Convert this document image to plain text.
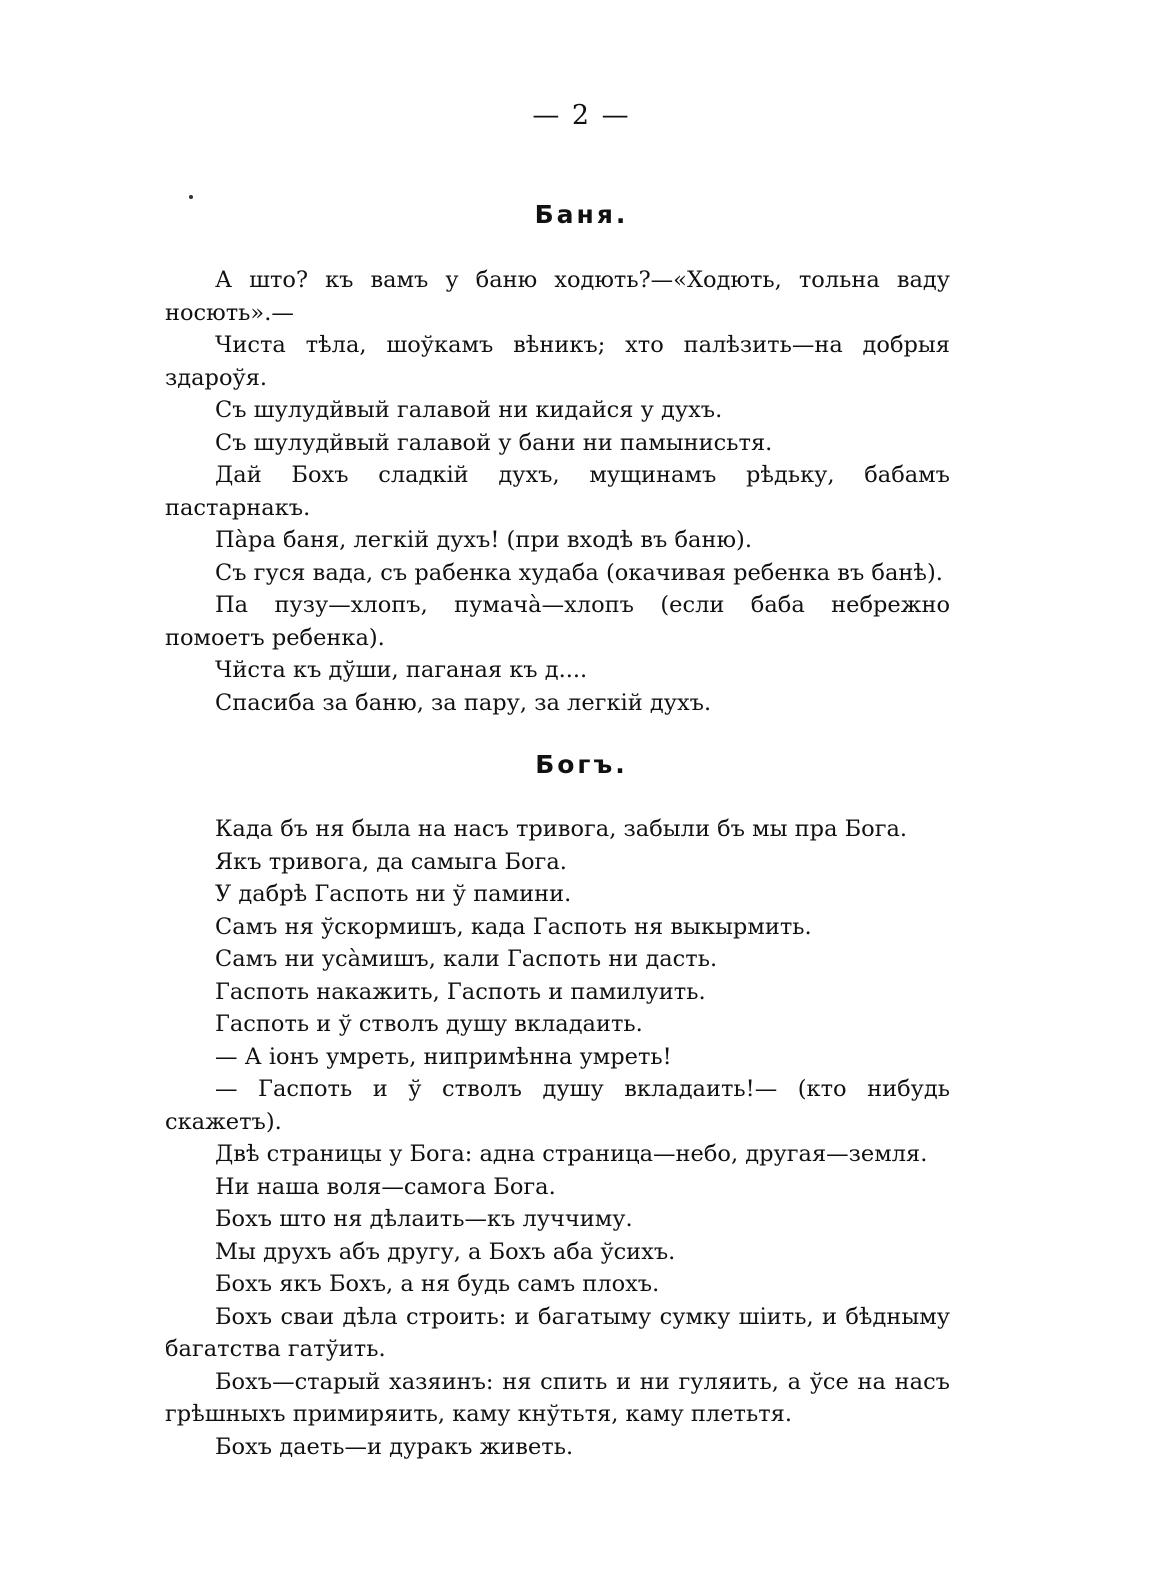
— 2 —
Баня.

А што? къ вамъ у баню ходють?—«Ходють, тольна ваду носють».—

Чиста тѣла, шоўкамъ вѣникъ; хто палѣзить—на добрыя здароўя.

Съ шулудйвый галавой ни кидайся у духъ.

Съ шулудйвый галавой у бани ни памынисьтя.

Дай Бохъ сладкій духъ, мущинамъ рѣдьку, бабамъ пастарнакъ.

Пàра баня, легкій духъ! (при входѣ въ баню).

Съ гуся вада, съ рабенка худаба (окачивая ребенка въ банѣ).

Па пузу—хлопъ, пумачà—хлопъ (если баба небрежно помоетъ ребенка).

Чйста къ дўши, паганая къ д....

Спасиба за баню, за пару, за легкій духъ.

Богъ.

Када бъ ня была на насъ тривога, забыли бъ мы пра Бога.

Якъ тривога, да самыга Бога.

У дабрѣ Гаспоть ни ў памини.

Самъ ня ўскормишъ, када Гаспоть ня выкырмить.

Самъ ни усàмишъ, кали Гаспоть ни дасть.

Гаспоть накажить, Гаспоть и памилуить.

Гаспоть и ў стволъ душу вкладаить.

— А іонъ умреть, нипримѣнна умреть!

— Гаспоть и ў стволъ душу вкладаить!— (кто нибудь скажетъ).

Двѣ страницы у Бога: адна страница—небо, другая—земля.

Ни наша воля—самога Бога.

Бохъ што ня дѣлаить—къ луччиму.

Мы друхъ абъ другу, а Бохъ аба ўсихъ.

Бохъ якъ Бохъ, а ня будь самъ плохъ.

Бохъ сваи дѣла строить: и багатыму сумку шіить, и бѣдныму багатства гатўить.

Бохъ—старый хазяинъ: ня спить и ни гуляить, а ўсе на насъ грѣшныхъ примиряить, каму кнўтьтя, каму плетьтя.

Бохъ даеть—и дуракъ живеть.
